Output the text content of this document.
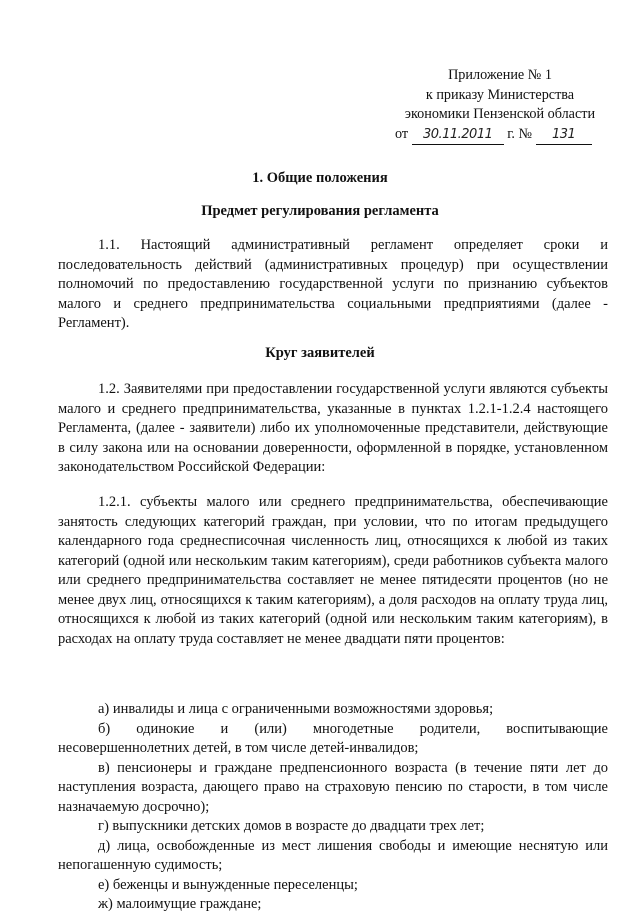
Приложение № 1
к приказу Министерства
экономики Пензенской области
от 30.11.2011 г. № 131
1. Общие положения
Предмет регулирования регламента
1.1. Настоящий административный регламент определяет сроки и последовательность действий (административных процедур) при осуществлении полномочий по предоставлению государственной услуги по признанию субъектов малого и среднего предпринимательства социальными предприятиями (далее - Регламент).
Круг заявителей
1.2. Заявителями при предоставлении государственной услуги являются субъекты малого и среднего предпринимательства, указанные в пунктах 1.2.1-1.2.4 настоящего Регламента, (далее - заявители) либо их уполномоченные представители, действующие в силу закона или на основании доверенности, оформленной в порядке, установленном законодательством Российской Федерации:
1.2.1. субъекты малого или среднего предпринимательства, обеспечивающие занятость следующих категорий граждан, при условии, что по итогам предыдущего календарного года среднесписочная численность лиц, относящихся к любой из таких категорий (одной или нескольким таким категориям), среди работников субъекта малого или среднего предпринимательства составляет не менее пятидесяти процентов (но не менее двух лиц, относящихся к таким категориям), а доля расходов на оплату труда лиц, относящихся к любой из таких категорий (одной или нескольким таким категориям), в расходах на оплату труда составляет не менее двадцати пяти процентов:
а) инвалиды и лица с ограниченными возможностями здоровья;
б) одинокие и (или) многодетные родители, воспитывающие несовершеннолетних детей, в том числе детей-инвалидов;
в) пенсионеры и граждане предпенсионного возраста (в течение пяти лет до наступления возраста, дающего право на страховую пенсию по старости, в том числе назначаемую досрочно);
г) выпускники детских домов в возрасте до двадцати трех лет;
д) лица, освобожденные из мест лишения свободы и имеющие неснятую или непогашенную судимость;
е) беженцы и вынужденные переселенцы;
ж) малоимущие граждане;
